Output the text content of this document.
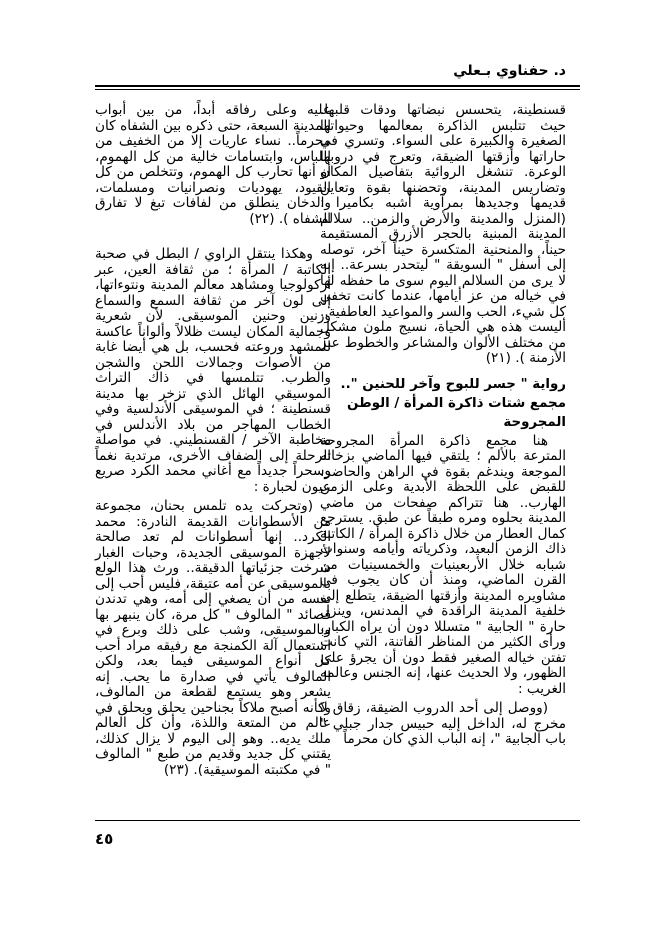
د. حفناوي بـعلي

قسنطينة، يتحسس نبضاتها ودقات قلبها. حيث تتلبس الذاكرة بمعالمها وحيواتها الصغيرة والكبيرة على السواء. وتسري في حاراتها وأزقتها الضيقة، وتعرج في دروبها الوعرة. تنشغل الروائية بتفاصيل المكان وتضاريس المدينة، وتحضنها بقوة وتعاين قديمها وجديدها بمرآوية أشبه بكاميرا : (المنزل والمدينة والأرض والزمن.. سلالم المدينة المبنية بالحجر الأزرق المستقيمة حيناً، والمنحنية المتكسرة حيناً آخر، توصله إلى أسفل " السويقة " ليتحدر بسرعة.. إنه لا يرى من السلالم اليوم سوى ما حفظه لها في خياله من عز أيامها، عندما كانت تخفي كل شيء، الحب والسر والمواعيد العاطفية.. أليست هذه هي الحياة، نسيج ملون مشكل من مختلف الألوان والمشاعر والخطوط عبر الأزمنة ). (٢١)

رواية " جسر للبوح وآخر للحنين ".. مجمع شتات ذاكرة المرأة / الوطن المجروحة

هنا مجمع ذاكرة المرأة المجروحة المترعة بالألم ؛ يلتقي فيها الماضي بزخاته الموجعة ويندغم بقوة في الراهن والحاضر، للقبض على اللحظة الأبدية وعلى الزمن الهارب.. هنا تتراكم صفحات من ماضي المدينة بحلوه ومره طبقاً عن طبق. يسترجع كمال العطار من خلال ذاكرة المرأة / الكاتبة ذاك الزمن البعيد، وذكرياته وأيامه وسنوات شبابه خلال الأربعينيات والخمسينيات من القرن الماضي، ومنذ أن كان يجوب في مشاويره المدينة وأزقتها الضيقة، يتطلع إلى خلفية المدينة الراقدة في المدنس، وينزل حارة " الجابية " متسللا دون أن يراه الكبار، ورأى الكثير من المناظر الفاتنة، التي كانت تفتن خياله الصغير فقط دون أن يجرؤ على الظهور، ولا الحديث عنها، إنه الجنس وعالمه الغريب :

(ووصل إلى أحد الدروب الضيقة، زقاق لا مخرج له، الداخل إليه حبيس جدار جبلي " باب الجابية "، إنه الباب الذي كان محرماً

عليه وعلى رفاقه أبداً، من بين أبواب المدينة السبعة، حتى ذكره بين الشفاه كان محرماً.. نساء عاريات إلا من الخفيف من اللباس، وابتسامات خالية من كل الهموم، أو أنها تحارب كل الهموم، وتتخلص من كل القيود، يهوديات ونصرانيات ومسلمات، والدخان ينطلق من لفافات تبغ لا تفارق الشفاه ). (٢٢)

وهكذا ينتقل الراوي / البطل في صحبة الكاتبة / المرأة ؛ من ثقافة العين، عبر أركولوجيا ومشاهد معالم المدينة ونتوءاتها، إلى لون آخر من ثقافة السمع والسماع ورنين وحنين الموسيقى. لأن شعرية وجمالية المكان ليست ظلالاً وألواناً عاكسة للمشهد وروعته فحسب، بل هي أيضا غابة من الأصوات وجمالات اللحن والشجن والطرب. تتلمسها في ذاك التراث الموسيقي الهائل الذي تزخر بها مدينة قسنطينة ؛ في الموسيقى الأندلسية وفي الخطاب المهاجر من بلاد الأندلس في مخاطبة الآخر / القسنطيني. في مواصلة الرحلة إلى الضفاف الأخرى، مرتدية نغماً وسحراً جديداً مع أغاني محمد الكرد صريع عيون لحبارة :

(وتحركت يده تلمس بحنان، مجموعة من الأسطوانات القديمة النادرة: محمد الكرد.. إنها أسطوانات لم تعد صالحة لأجهزة الموسيقى الجديدة، وحبات الغبار شرخت جزئياتها الدقيقة.. ورث هذا الولع بالموسيقى عن أمه عتيقة، فليس أحب إلى نفسه من أن يصغي إلى أمه، وهي تدندن قصائد " المالوف " كل مرة، كان ينبهر بها وبالموسيقى، وشب على ذلك وبرع في استعمال آلة الكمنجة مع رفيقه مراد أحب كل أنواع الموسيقى فيما بعد، ولكن المالوف يأتي في صدارة ما يحب. إنه يشعر وهو يستمع لقطعة من المالوف، وكأنه أصبح ملاكاً بجناحين يحلق ويحلق في عالم من المتعة واللذة، وأن كل العالم ملك يديه.. وهو إلى اليوم لا يزال كذلك، يقتني كل جديد وقديم من طبع " المالوف " في مكتبته الموسيقية). (٢٣)

٤٥
